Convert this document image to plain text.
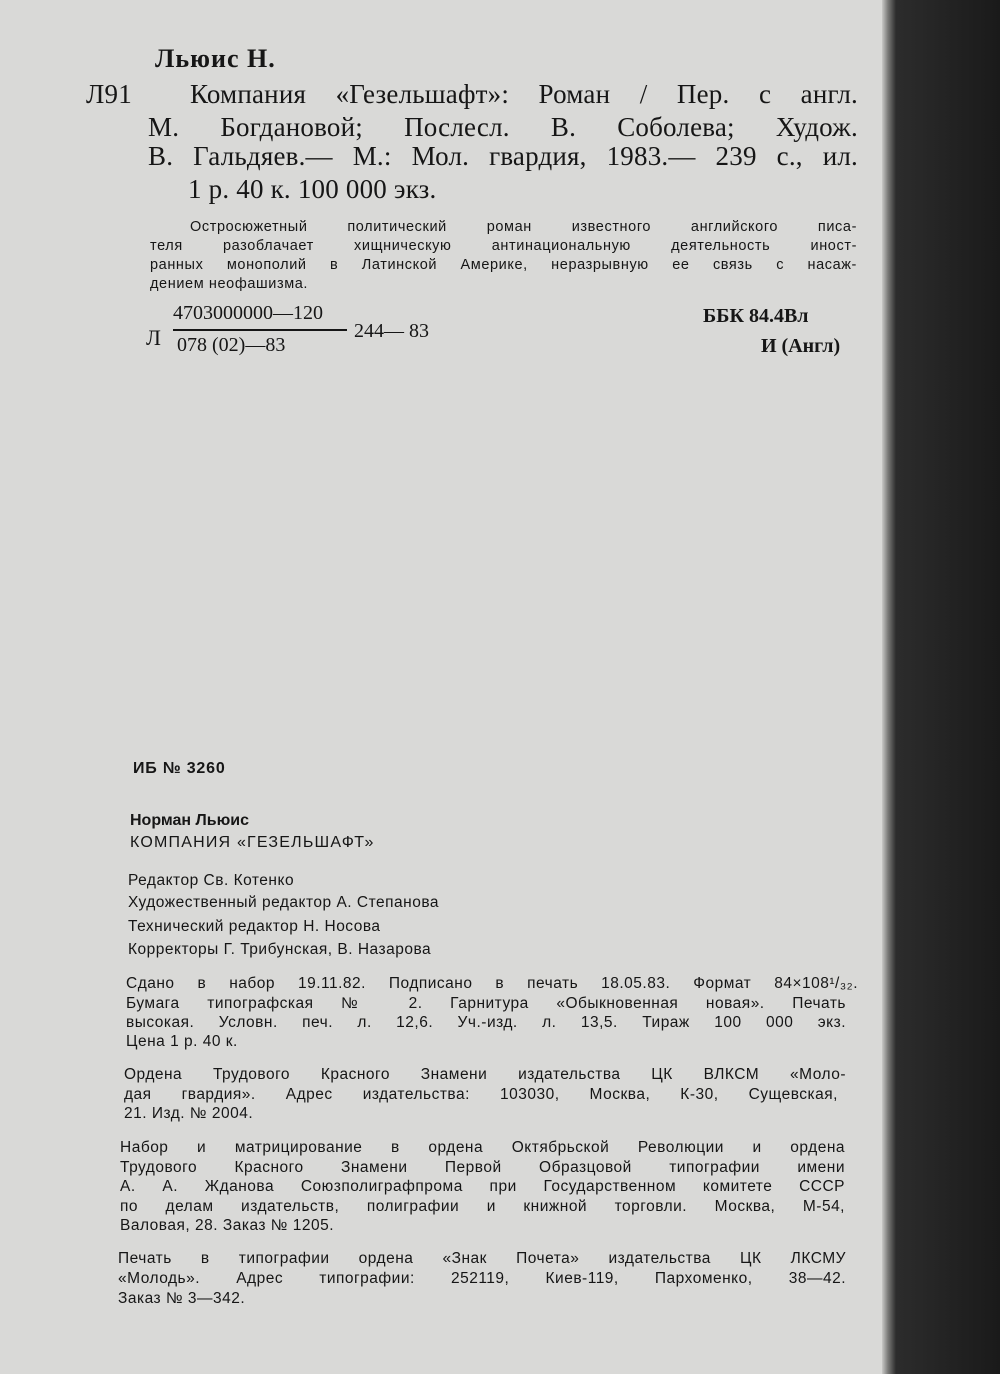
Льюис Н.
Л91 Компания «Гезельшафт»: Роман / Пер. с англ.
М. Богдановой; Послесл. В. Соболева; Худож.
В. Гальдяев.— М.: Мол. гвардия, 1983.— 239 с., ил.
1 р. 40 к. 100 000 экз.
Остросюжетный политический роман известного английского писа-
теля разоблачает хищническую антинациональную деятельность иност-
ранных монополий в Латинской Америке, неразрывную ее связь с насаж-
дением неофашизма.
Л
4703000000—120
078 (02)—83
244— 83
ББК 84.4Вл
И (Англ)
ИБ № 3260
Норман Льюис
КОМПАНИЯ «ГЕЗЕЛЬШАФТ»
Редактор Св. Котенко
Художественный редактор А. Степанова
Технический редактор Н. Носова
Корректоры Г. Трибунская, В. Назарова
Сдано в набор 19.11.82. Подписано в печать 18.05.83. Формат 84×108¹/₃₂.
Бумага типографская № 2. Гарнитура «Обыкновенная новая». Печать
высокая. Условн. печ. л. 12,6. Уч.-изд. л. 13,5. Тираж 100 000 экз.
Цена 1 р. 40 к.
Ордена Трудового Красного Знамени издательства ЦК ВЛКСМ «Моло-
дая гвардия». Адрес издательства: 103030, Москва, К-30, Сущевская,
21. Изд. № 2004.
Набор и матрицирование в ордена Октябрьской Революции и ордена
Трудового Красного Знамени Первой Образцовой типографии имени
А. А. Жданова Союзполиграфпрома при Государственном комитете СССР
по делам издательств, полиграфии и книжной торговли. Москва, М-54,
Валовая, 28. Заказ № 1205.
Печать в типографии ордена «Знак Почета» издательства ЦК ЛКСМУ
«Молодь». Адрес типографии: 252119, Киев-119, Пархоменко, 38—42.
Заказ № 3—342.
